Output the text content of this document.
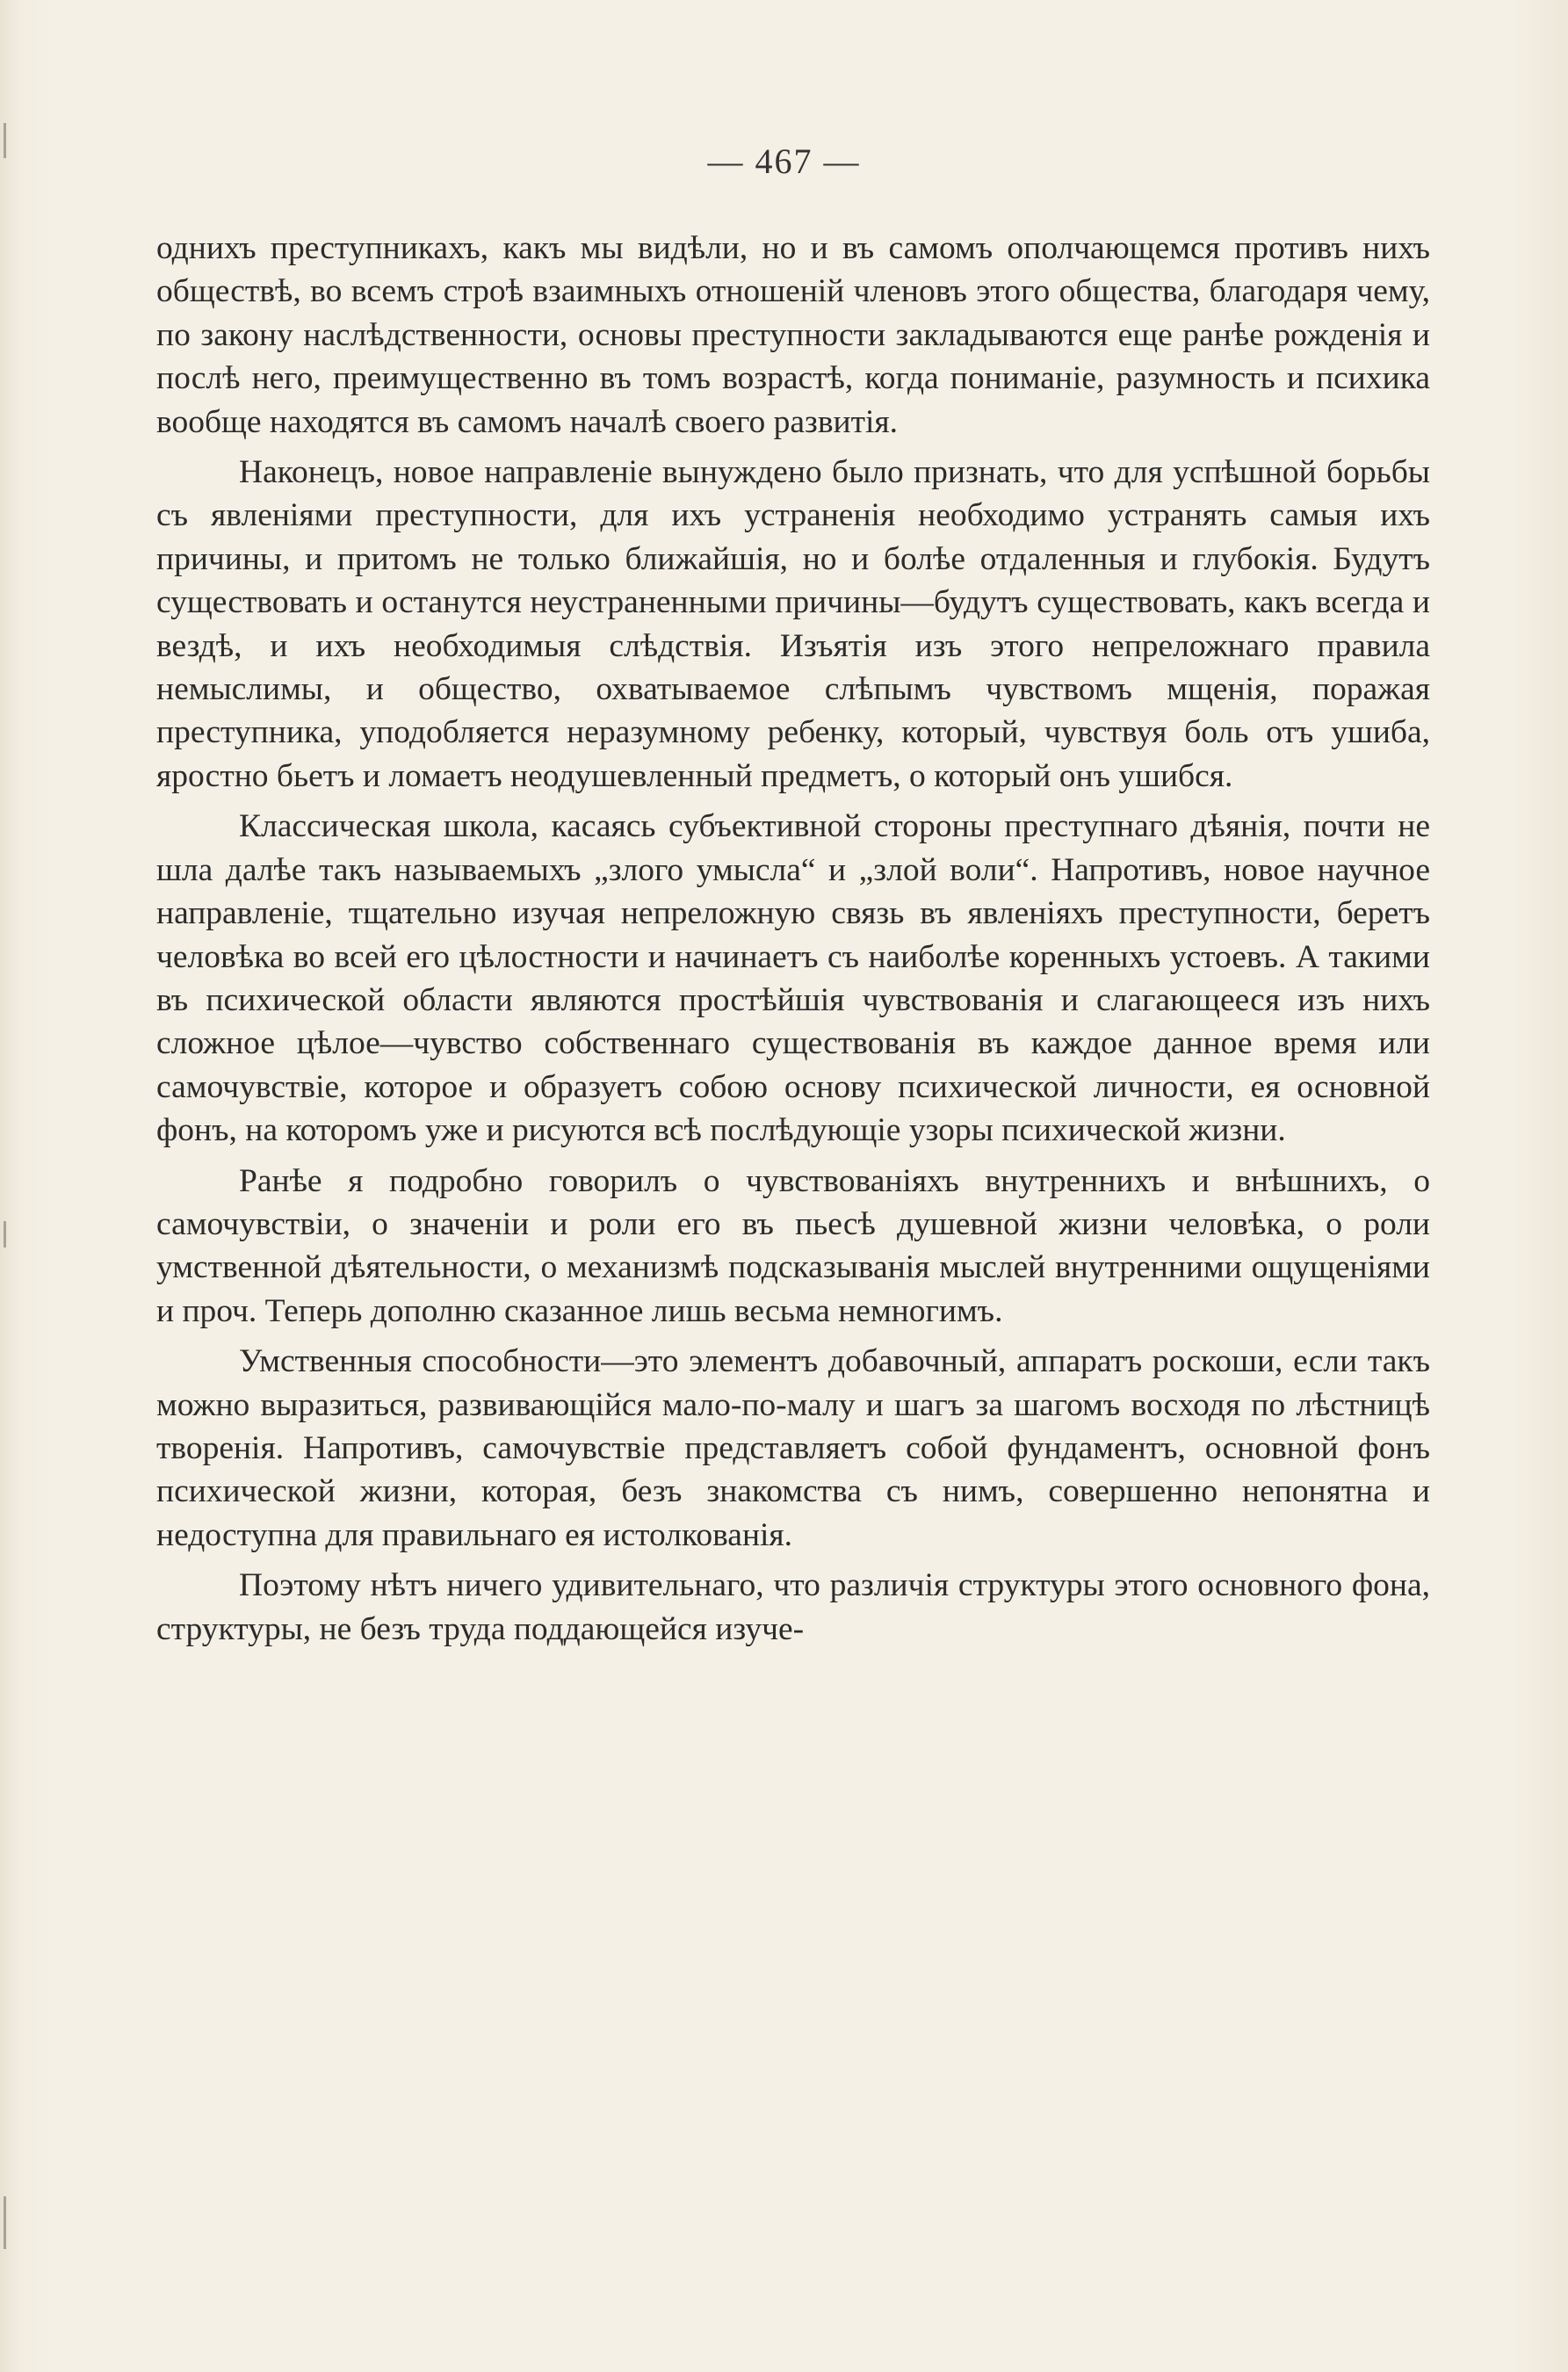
— 467 —

однихъ преступникахъ, какъ мы видѣли, но и въ самомъ ополчающемся противъ нихъ обществѣ, во всемъ строѣ взаимныхъ отношеній членовъ этого общества, благодаря чему, по закону наслѣдственности, основы преступности закладываются еще ранѣе рожденія и послѣ него, преимущественно въ томъ возрастѣ, когда пониманіе, разумность и психика вообще находятся въ самомъ началѣ своего развитія.

Наконецъ, новое направленіе вынуждено было признать, что для успѣшной борьбы съ явленіями преступности, для ихъ устраненія необходимо устранять самыя ихъ причины, и притомъ не только ближайшія, но и болѣе отдаленныя и глубокія. Будутъ существовать и останутся неустраненными причины—будутъ существовать, какъ всегда и вездѣ, и ихъ необходимыя слѣдствія. Изъятія изъ этого непреложнаго правила немыслимы, и общество, охватываемое слѣпымъ чувствомъ мщенія, поражая преступника, уподобляется неразумному ребенку, который, чувствуя боль отъ ушиба, яростно бьетъ и ломаетъ неодушевленный предметъ, о который онъ ушибся.

Классическая школа, касаясь субъективной стороны преступнаго дѣянія, почти не шла далѣе такъ называемыхъ „злого умысла“ и „злой воли“. Напротивъ, новое научное направленіе, тщательно изучая непреложную связь въ явленіяхъ преступности, беретъ человѣка во всей его цѣлостности и начинаетъ съ наиболѣе коренныхъ устоевъ. А такими въ психической области являются простѣйшія чувствованія и слагающееся изъ нихъ сложное цѣлое—чувство собственнаго существованія въ каждое данное время или самочувствіе, которое и образуетъ собою основу психической личности, ея основной фонъ, на которомъ уже и рисуются всѣ послѣдующіе узоры психической жизни.

Ранѣе я подробно говорилъ о чувствованіяхъ внутреннихъ и внѣшнихъ, о самочувствіи, о значеніи и роли его въ пьесѣ душевной жизни человѣка, о роли умственной дѣятельности, о механизмѣ подсказыванія мыслей внутренними ощущеніями и проч. Теперь дополню сказанное лишь весьма немногимъ.

Умственныя способности—это элементъ добавочный, аппаратъ роскоши, если такъ можно выразиться, развивающійся мало-по-малу и шагъ за шагомъ восходя по лѣстницѣ творенія. Напротивъ, самочувствіе представляетъ собой фундаментъ, основной фонъ психической жизни, которая, безъ знакомства съ нимъ, совершенно непонятна и недоступна для правильнаго ея истолкованія.

Поэтому нѣтъ ничего удивительнаго, что различія структуры этого основного фона, структуры, не безъ труда поддающейся изуче-
